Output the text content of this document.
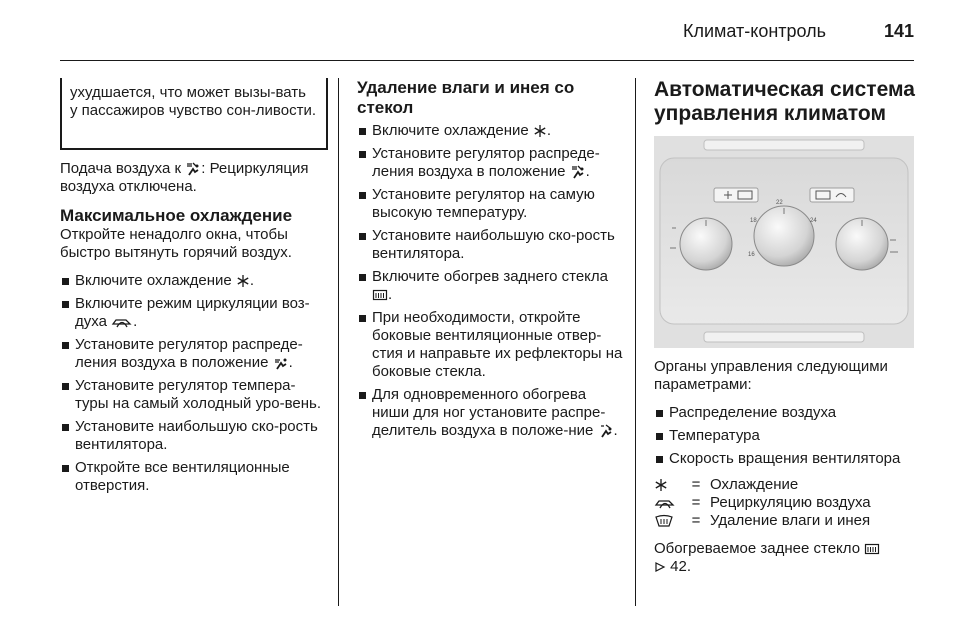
Климат-контроль	141
ухудшается, что может вызы-вать у пассажиров чувство сон-ливости.

Подача воздуха к : Рециркуляция воздуха отключена.

Максимальное охлаждение

Откройте ненадолго окна, чтобы быстро вытянуть горячий воздух.

Включите охлаждение .
Включите режим циркуляции воз-духа .
Установите регулятор распреде-ления воздуха в положение .
Установите регулятор темпера-туры на самый холодный уро-вень.
Установите наибольшую ско-рость вентилятора.
Откройте все вентиляционные отверстия.
Удаление влаги и инея со стекол
Включите охлаждение .
Установите регулятор распреде-ления воздуха в положение .
Установите регулятор на самую высокую температуру.
Установите наибольшую ско-рость вентилятора.
Включите обогрев заднего стекла .
При необходимости, откройте боковые вентиляционные отвер-стия и направьте их рефлекторы на боковые стекла.
Для одновременного обогрева ниши для ног установите распре-делитель воздуха в положе-ние .
Автоматическая система управления климатом
22
18	24
16

Органы управления следующими параметрами:

Распределение воздуха
Температура
Скорость вращения вентилятора
= Охлаждение
= Рециркуляцию воздуха
= Удаление влаги и инея

Обогреваемое заднее стекло
42.
